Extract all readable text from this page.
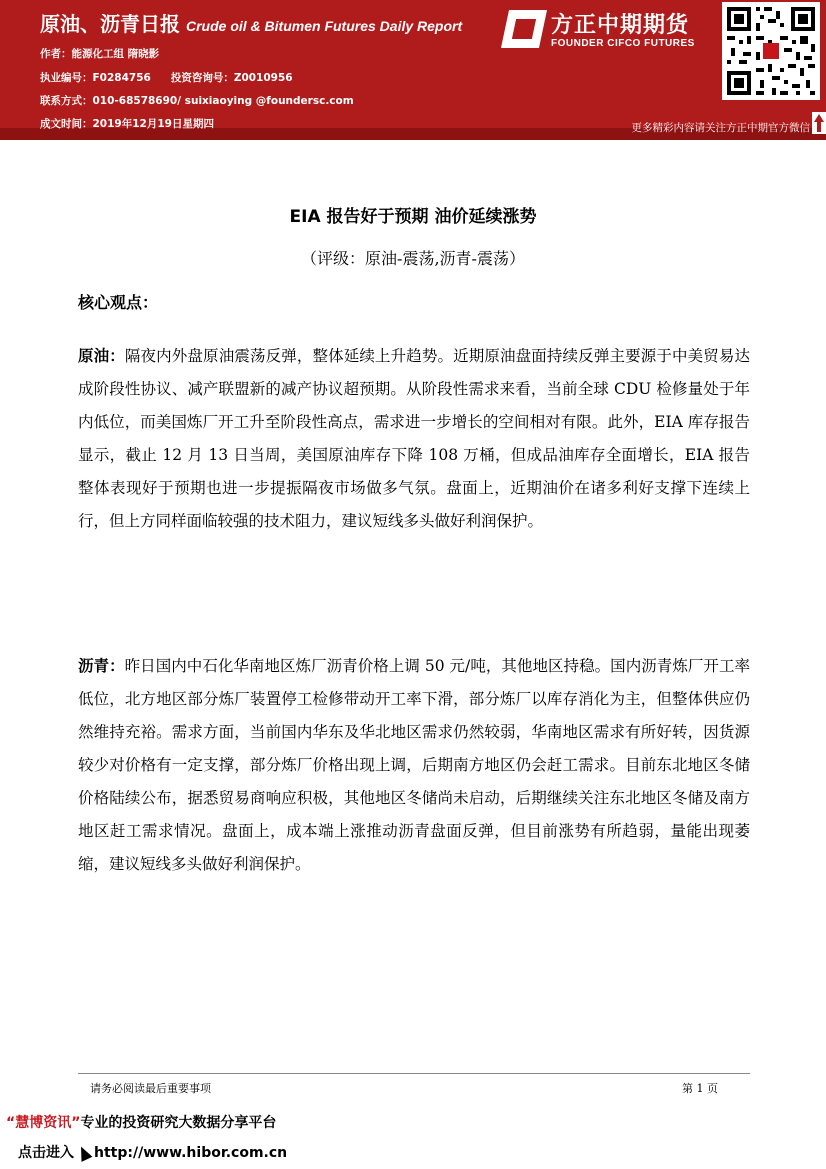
原油、沥青日报 Crude oil & Bitumen Futures Daily Report
作者：能源化工组 隋晓影
执业编号：F0284756 投资咨询号：Z0010956
联系方式：010-68578690/ suixiaoying @foundersc.com
成文时间：2019年12月19日星期四
方正中期期货
FOUNDER CIFCO FUTURES
更多精彩内容请关注方正中期官方微信
EIA 报告好于预期 油价延续涨势
（评级：原油-震荡,沥青-震荡）
核心观点：
原油：隔夜内外盘原油震荡反弹，整体延续上升趋势。近期原油盘面持续反弹主要源于中美贸易达成阶段性协议、减产联盟新的减产协议超预期。从阶段性需求来看，当前全球 CDU 检修量处于年内低位，而美国炼厂开工升至阶段性高点，需求进一步增长的空间相对有限。此外，EIA 库存报告显示，截止 12 月 13 日当周，美国原油库存下降 108 万桶，但成品油库存全面增长，EIA 报告整体表现好于预期也进一步提振隔夜市场做多气氛。盘面上，近期油价在诸多利好支撑下连续上行，但上方同样面临较强的技术阻力，建议短线多头做好利润保护。
沥青：昨日国内中石化华南地区炼厂沥青价格上调 50 元/吨，其他地区持稳。国内沥青炼厂开工率低位，北方地区部分炼厂装置停工检修带动开工率下滑，部分炼厂以库存消化为主，但整体供应仍然维持充裕。需求方面，当前国内华东及华北地区需求仍然较弱，华南地区需求有所好转，因货源较少对价格有一定支撑，部分炼厂价格出现上调，后期南方地区仍会赶工需求。目前东北地区冬储价格陆续公布，据悉贸易商响应积极，其他地区冬储尚未启动，后期继续关注东北地区冬储及南方地区赶工需求情况。盘面上，成本端上涨推动沥青盘面反弹，但目前涨势有所趋弱，量能出现萎缩，建议短线多头做好利润保护。
请务必阅读最后重要事项	第 1 页
“慧博资讯”专业的投资研究大数据分享平台
点击进入 http://www.hibor.com.cn
